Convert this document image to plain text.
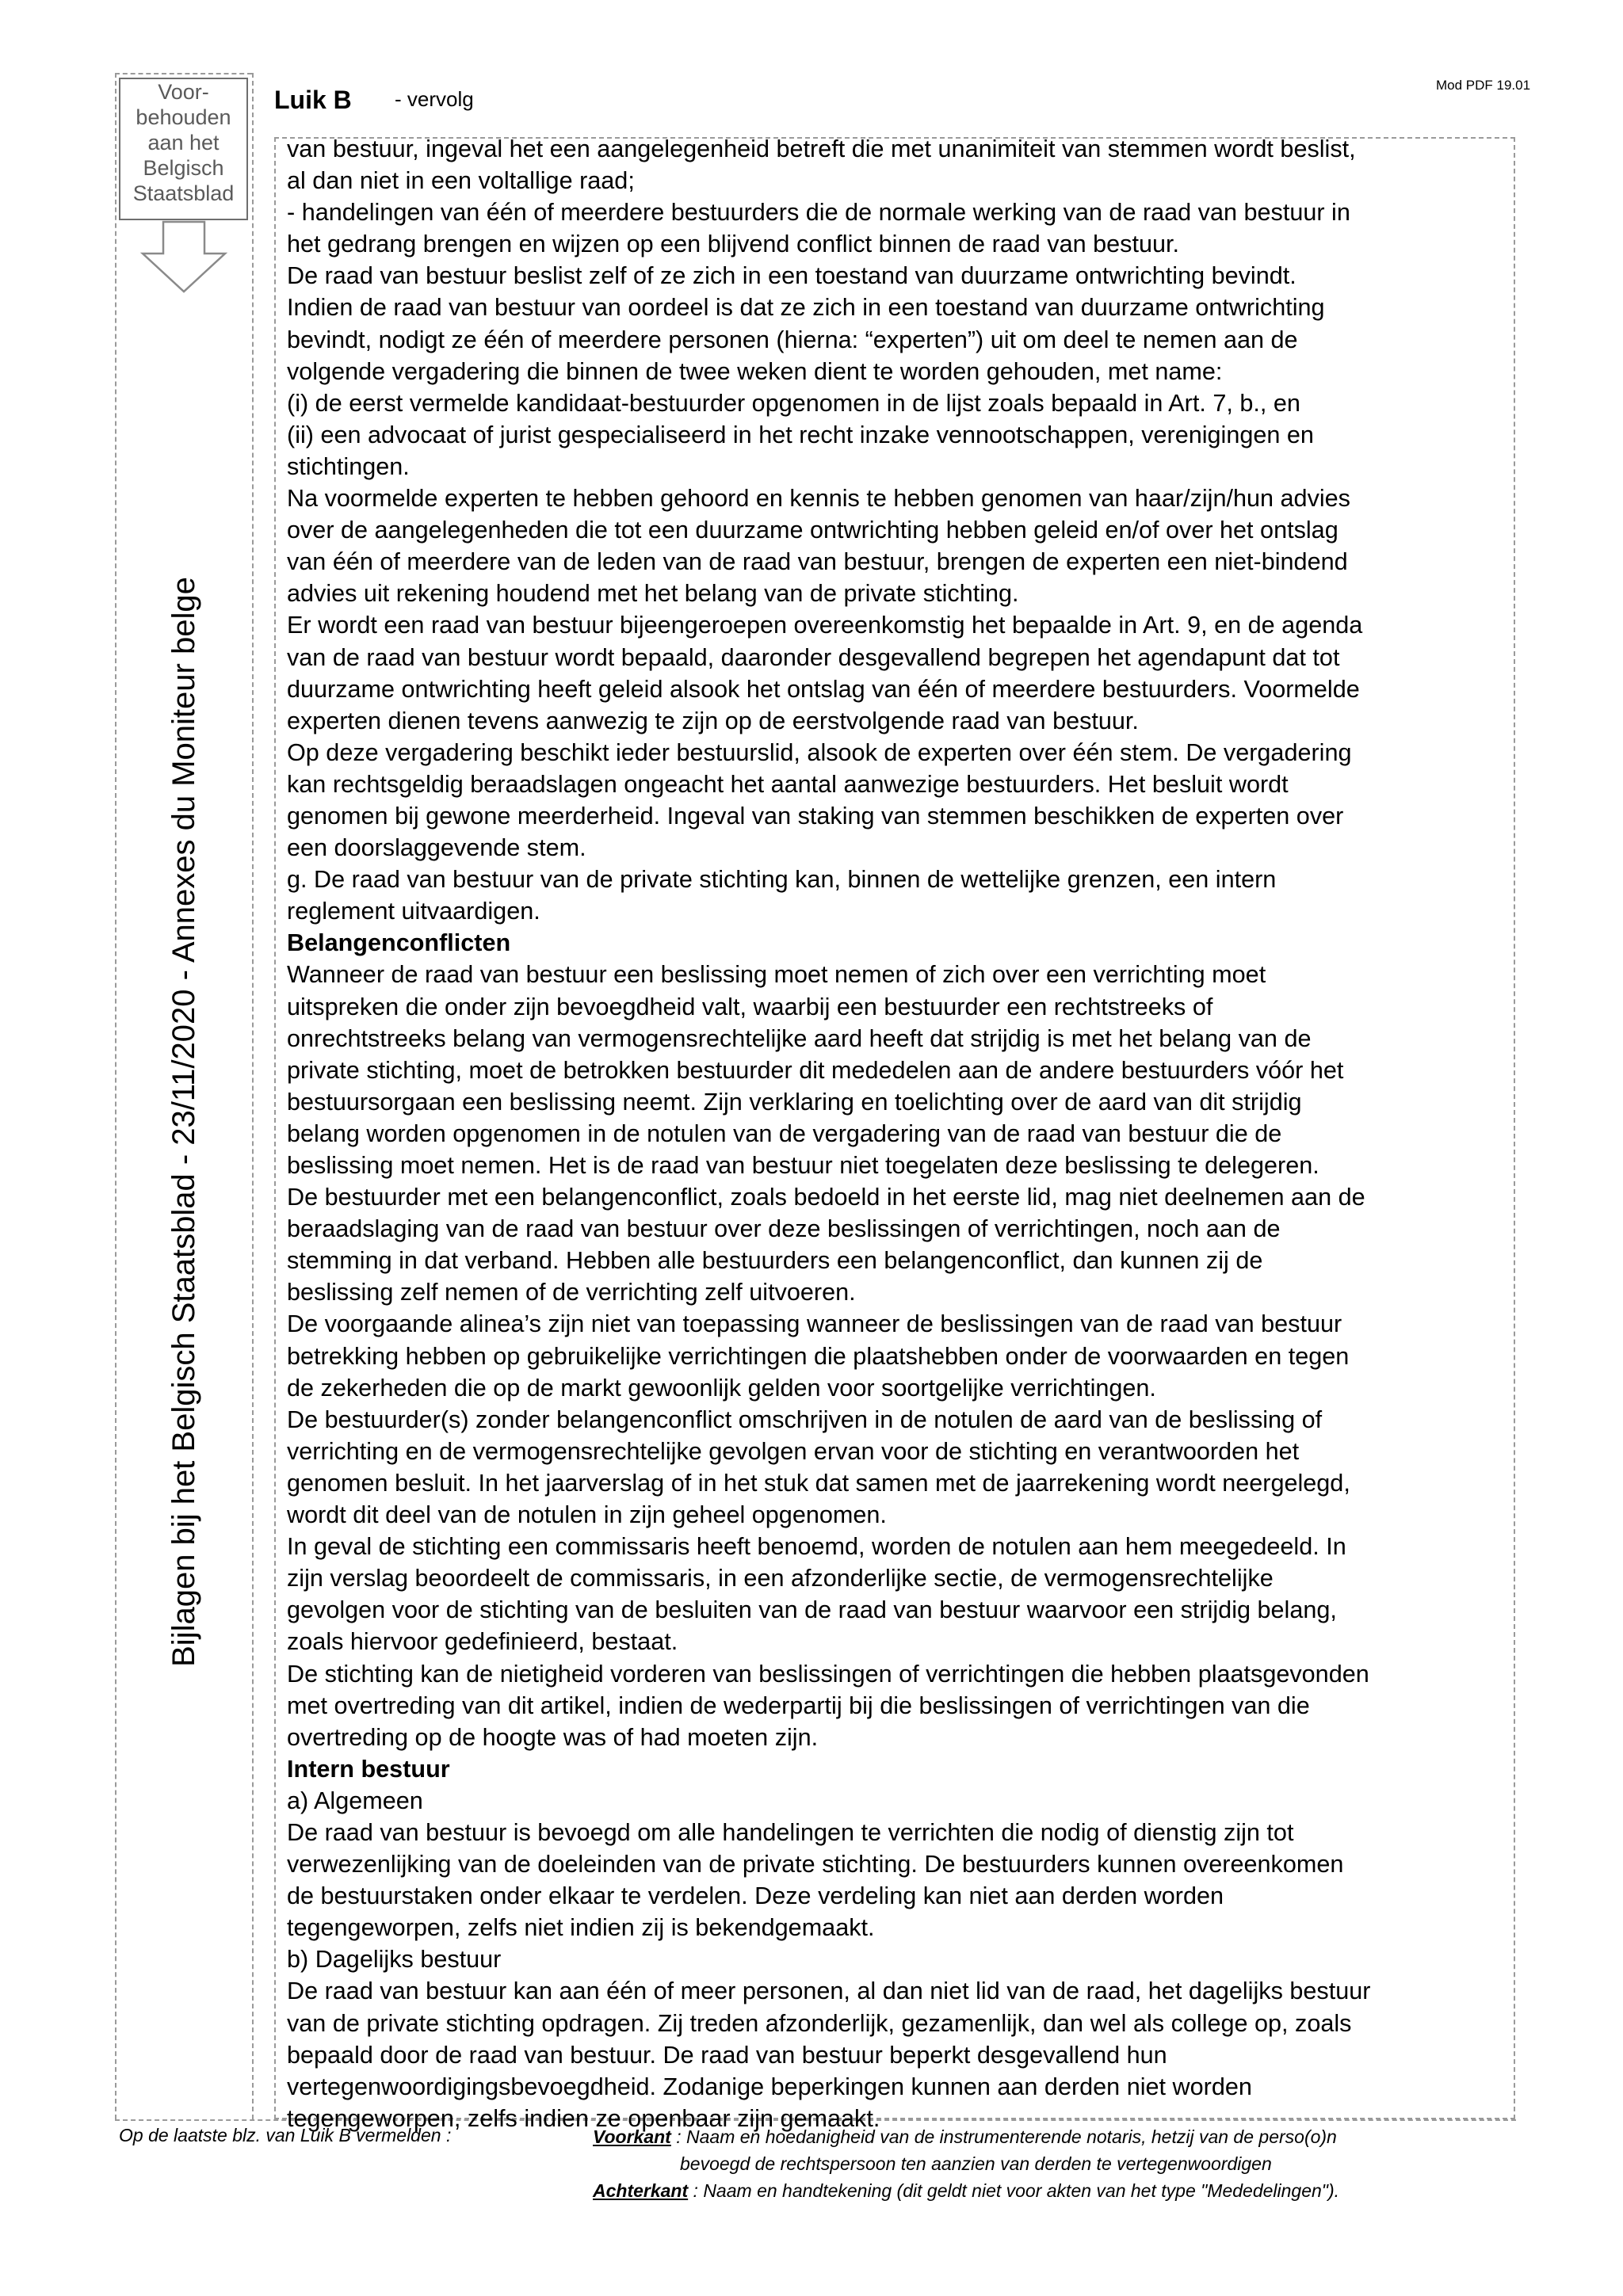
Voor-
behouden
aan het
Belgisch
Staatsblad
Luik B - vervolg
Mod PDF 19.01
Bijlagen bij het Belgisch Staatsblad - 23/11/2020 - Annexes du Moniteur belge
van bestuur, ingeval het een aangelegenheid betreft die met unanimiteit van stemmen wordt beslist,
al dan niet in een voltallige raad;
- handelingen van één of meerdere bestuurders die de normale werking van de raad van bestuur in
het gedrang brengen en wijzen op een blijvend conflict binnen de raad van bestuur.
De raad van bestuur beslist zelf of ze zich in een toestand van duurzame ontwrichting bevindt.
Indien de raad van bestuur van oordeel is dat ze zich in een toestand van duurzame ontwrichting
bevindt, nodigt ze één of meerdere personen (hierna: “experten”) uit om deel te nemen aan de
volgende vergadering die binnen de twee weken dient te worden gehouden, met name:
(i) de eerst vermelde kandidaat-bestuurder opgenomen in de lijst zoals bepaald in Art. 7, b., en
(ii) een advocaat of jurist gespecialiseerd in het recht inzake vennootschappen, verenigingen en
stichtingen.
Na voormelde experten te hebben gehoord en kennis te hebben genomen van haar/zijn/hun advies
over de aangelegenheden die tot een duurzame ontwrichting hebben geleid en/of over het ontslag
van één of meerdere van de leden van de raad van bestuur, brengen de experten een niet-bindend
advies uit rekening houdend met het belang van de private stichting.
Er wordt een raad van bestuur bijeengeroepen overeenkomstig het bepaalde in Art. 9, en de agenda
van de raad van bestuur wordt bepaald, daaronder desgevallend begrepen het agendapunt dat tot
duurzame ontwrichting heeft geleid alsook het ontslag van één of meerdere bestuurders. Voormelde
experten dienen tevens aanwezig te zijn op de eerstvolgende raad van bestuur.
Op deze vergadering beschikt ieder bestuurslid, alsook de experten over één stem. De vergadering
kan rechtsgeldig beraadslagen ongeacht het aantal aanwezige bestuurders. Het besluit wordt
genomen bij gewone meerderheid. Ingeval van staking van stemmen beschikken de experten over
een doorslaggevende stem.
g. De raad van bestuur van de private stichting kan, binnen de wettelijke grenzen, een intern
reglement uitvaardigen.
Belangenconflicten
Wanneer de raad van bestuur een beslissing moet nemen of zich over een verrichting moet
uitspreken die onder zijn bevoegdheid valt, waarbij een bestuurder een rechtstreeks of
onrechtstreeks belang van vermogensrechtelijke aard heeft dat strijdig is met het belang van de
private stichting, moet de betrokken bestuurder dit mededelen aan de andere bestuurders vóór het
bestuursorgaan een beslissing neemt. Zijn verklaring en toelichting over de aard van dit strijdig
belang worden opgenomen in de notulen van de vergadering van de raad van bestuur die de
beslissing moet nemen. Het is de raad van bestuur niet toegelaten deze beslissing te delegeren.
De bestuurder met een belangenconflict, zoals bedoeld in het eerste lid, mag niet deelnemen aan de
beraadslaging van de raad van bestuur over deze beslissingen of verrichtingen, noch aan de
stemming in dat verband. Hebben alle bestuurders een belangenconflict, dan kunnen zij de
beslissing zelf nemen of de verrichting zelf uitvoeren.
De voorgaande alinea’s zijn niet van toepassing wanneer de beslissingen van de raad van bestuur
betrekking hebben op gebruikelijke verrichtingen die plaatshebben onder de voorwaarden en tegen
de zekerheden die op de markt gewoonlijk gelden voor soortgelijke verrichtingen.
De bestuurder(s) zonder belangenconflict omschrijven in de notulen de aard van de beslissing of
verrichting en de vermogensrechtelijke gevolgen ervan voor de stichting en verantwoorden het
genomen besluit. In het jaarverslag of in het stuk dat samen met de jaarrekening wordt neergelegd,
wordt dit deel van de notulen in zijn geheel opgenomen.
In geval de stichting een commissaris heeft benoemd, worden de notulen aan hem meegedeeld. In
zijn verslag beoordeelt de commissaris, in een afzonderlijke sectie, de vermogensrechtelijke
gevolgen voor de stichting van de besluiten van de raad van bestuur waarvoor een strijdig belang,
zoals hiervoor gedefinieerd, bestaat.
De stichting kan de nietigheid vorderen van beslissingen of verrichtingen die hebben plaatsgevonden
met overtreding van dit artikel, indien de wederpartij bij die beslissingen of verrichtingen van die
overtreding op de hoogte was of had moeten zijn.
Intern bestuur
a) Algemeen
De raad van bestuur is bevoegd om alle handelingen te verrichten die nodig of dienstig zijn tot
verwezenlijking van de doeleinden van de private stichting. De bestuurders kunnen overeenkomen
de bestuurstaken onder elkaar te verdelen. Deze verdeling kan niet aan derden worden
tegengeworpen, zelfs niet indien zij is bekendgemaakt.
b) Dagelijks bestuur
De raad van bestuur kan aan één of meer personen, al dan niet lid van de raad, het dagelijks bestuur
van de private stichting opdragen. Zij treden afzonderlijk, gezamenlijk, dan wel als college op, zoals
bepaald door de raad van bestuur. De raad van bestuur beperkt desgevallend hun
vertegenwoordigingsbevoegdheid. Zodanige beperkingen kunnen aan derden niet worden
tegengeworpen, zelfs indien ze openbaar zijn gemaakt.
Op de laatste blz. van Luik B vermelden :	Voorkant : Naam en hoedanigheid van de instrumenterende notaris, hetzij van de perso(o)n
bevoegd de rechtspersoon ten aanzien van derden te vertegenwoordigen
Achterkant : Naam en handtekening (dit geldt niet voor akten van het type "Mededelingen").
